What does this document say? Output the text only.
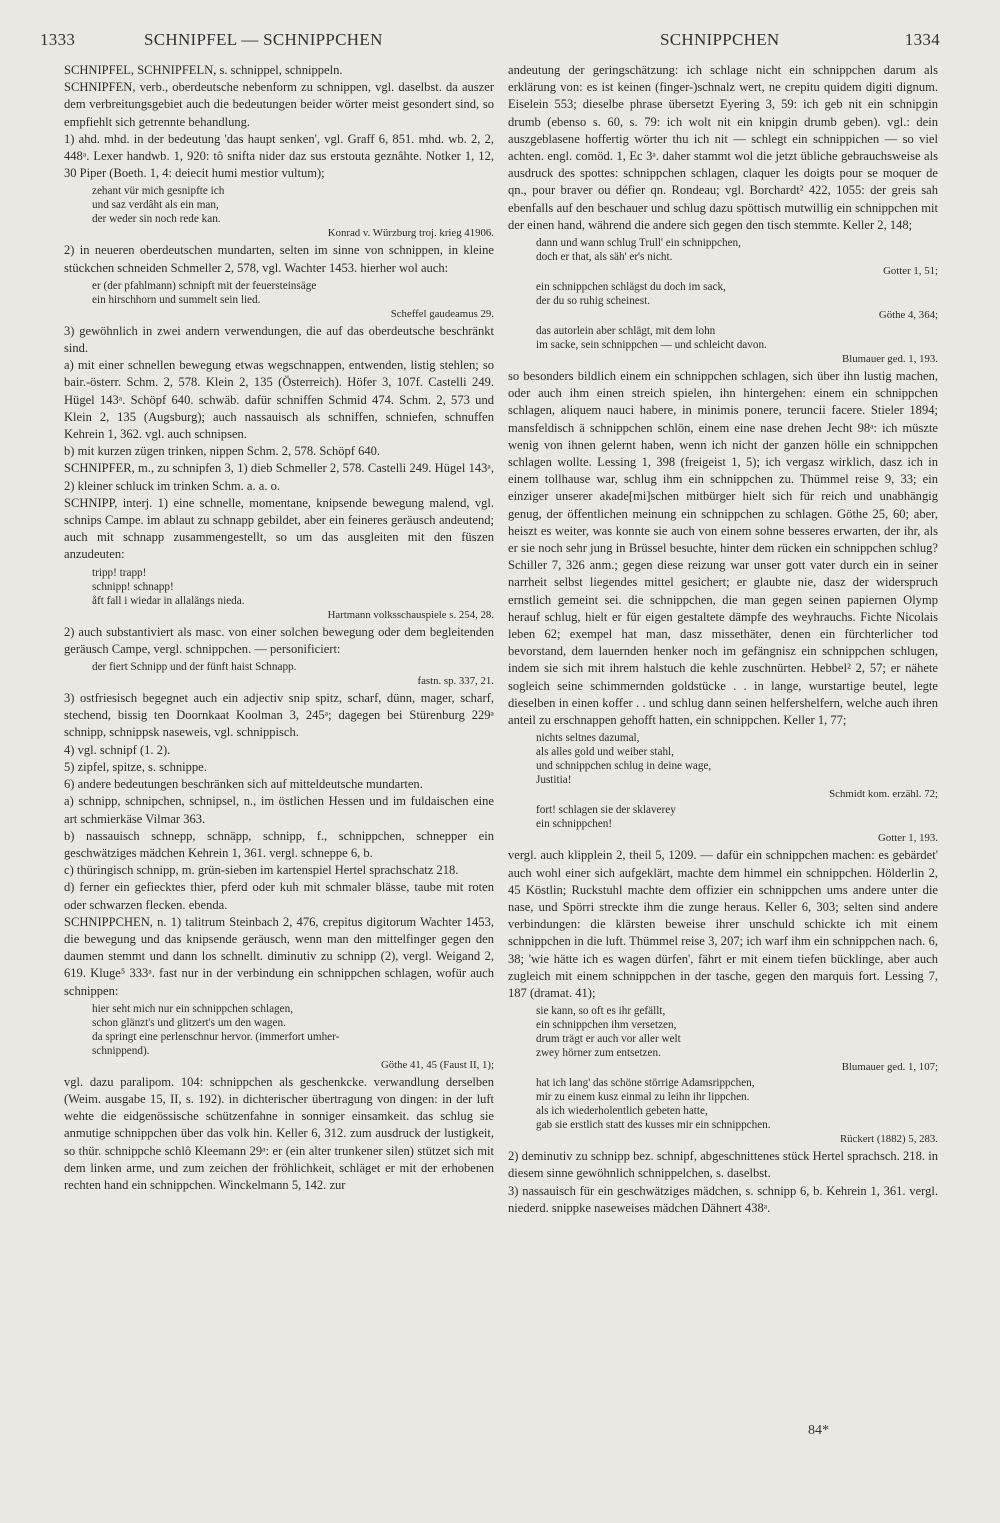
1333	SCHNIPFEL — SCHNIPPCHEN	SCHNIPPCHEN	1334

SCHNIPFEL, SCHNIPFELN, s. schnippel, schnippeln.

SCHNIPFEN, verb., oberdeutsche nebenform zu schnippen, vgl. daselbst. da auszer dem verbreitungsgebiet auch die bedeutungen beider wörter meist gesondert sind, so empfiehlt sich getrennte behandlung.

1) ahd. mhd. in der bedeutung 'das haupt senken', vgl. Graff 6, 851. mhd. wb. 2, 2, 448ᵃ. Lexer handwb. 1, 920: tô snifta nider daz sus erstouta geznâhte. Notker 1, 12, 30 Piper (Boeth. 1, 4: deiecit humi mestior vultum);

zehant vür mich gesnipfte ich
und saz verdâht als ein man,
der weder sin noch rede kan.
Konrad v. Würzburg troj. krieg 41906.

2) in neueren oberdeutschen mundarten, selten im sinne von schnippen, in kleine stückchen schneiden Schmeller 2, 578, vgl. Wachter 1453. hierher wol auch:

er (der pfahlmann) schnipft mit der feuersteinsäge
ein hirschhorn und summelt sein lied.
Scheffel gaudeamus 29.

3) gewöhnlich in zwei andern verwendungen, die auf das oberdeutsche beschränkt sind.

a) mit einer schnellen bewegung etwas wegschnappen, entwenden, listig stehlen; so bair.-österr. Schm. 2, 578. Klein 2, 135 (Österreich). Höfer 3, 107f. Castelli 249. Hügel 143ᵃ. Schöpf 640. schwäb. dafür schniffen Schmid 474. Schm. 2, 573 und Klein 2, 135 (Augsburg); auch nassauisch als schniffen, schniefen, schnuffen Kehrein 1, 362. vgl. auch schnipsen.

b) mit kurzen zügen trinken, nippen Schm. 2, 578. Schöpf 640.

SCHNIPFER, m., zu schnipfen 3, 1) dieb Schmeller 2, 578. Castelli 249. Hügel 143ᵃ, 2) kleiner schluck im trinken Schm. a. a. o.

SCHNIPP, interj. 1) eine schnelle, momentane, knipsende bewegung malend, vgl. schnips Campe. im ablaut zu schnapp gebildet, aber ein feineres geräusch andeutend; auch mit schnapp zusammengestellt, so um das ausgleiten mit den füszen anzudeuten:

tripp! trapp!
schnipp! schnapp!
åft fall i wiedar in allalängs nieda.
Hartmann volksschauspiele s. 254, 28.

2) auch substantiviert als masc. von einer solchen bewegung oder dem begleitenden geräusch Campe, vergl. schnippchen. — personificiert:

der fiert Schnipp und der fünft haist Schnapp.
fastn. sp. 337, 21.

3) ostfriesisch begegnet auch ein adjectiv snip spitz, scharf, dünn, mager, scharf, stechend, bissig ten Doornkaat Koolman 3, 245ᵃ; dagegen bei Stürenburg 229ᵃ schnipp, schnippsk naseweis, vgl. schnippisch.

4) vgl. schnipf (1. 2).

5) zipfel, spitze, s. schnippe.

6) andere bedeutungen beschränken sich auf mitteldeutsche mundarten.

a) schnipp, schnipchen, schnipsel, n., im östlichen Hessen und im fuldaischen eine art schmierkäse Vilmar 363.

b) nassauisch schnepp, schnäpp, schnipp, f., schnippchen, schnepper ein geschwätziges mädchen Kehrein 1, 361. vergl. schneppe 6, b.

c) thüringisch schnipp, m. grün-sieben im kartenspiel Hertel sprachschatz 218.

d) ferner ein gefiecktes thier, pferd oder kuh mit schmaler blässe, taube mit roten oder schwarzen flecken. ebenda.

SCHNIPPCHEN, n. 1) talitrum Steinbach 2, 476, crepitus digitorum Wachter 1453, die bewegung und das knipsende geräusch, wenn man den mittelfinger gegen den daumen stemmt und dann los schnellt. diminutiv zu schnipp (2), vergl. Weigand 2, 619. Kluge⁵ 333ᵃ. fast nur in der verbindung ein schnippchen schlagen, wofür auch schnippen:

hier seht mich nur ein schnippchen schlagen,
schon glänzt's und glitzert's um den wagen.
da springt eine perlenschnur hervor. (immerfort umher-
schnippend).
Göthe 41, 45 (Faust II, 1);

vgl. dazu paralipom. 104: schnippchen als geschenkcke. verwandlung derselben (Weim. ausgabe 15, II, s. 192). in dichterischer übertragung von dingen: in der luft wehte die eidgenössische schützenfahne in sonniger einsamkeit. das schlug sie anmutige schnippchen über das volk hin. Keller 6, 312. zum ausdruck der lustigkeit, so thür. schnippche schlô Kleemann 29ᵃ: er (ein alter trunkener silen) stützet sich mit dem linken arme, und zum zeichen der fröhlichkeit, schläget er mit der erhobenen rechten hand ein schnippchen. Winckelmann 5, 142. zur

andeutung der geringschätzung: ich schlage nicht ein schnippchen darum als erklärung von: es ist keinen (finger-)schnalz wert, ne crepitu quidem digiti dignum. Eiselein 553; dieselbe phrase übersetzt Eyering 3, 59: ich geb nit ein schnipgin drumb (ebenso s. 60, s. 79: ich wolt nit ein knipgin drumb geben). vgl.: dein auszgeblasene hoffertig wörter thu ich nit — schlegt ein schnippichen — so viel achten. engl. comöd. 1, Ec 3ᵃ. daher stammt wol die jetzt übliche gebrauchsweise als ausdruck des spottes: schnippchen schlagen, claquer les doigts pour se moquer de qn., pour braver ou défier qn. Rondeau; vgl. Borchardt² 422, 1055: der greis sah ebenfalls auf den beschauer und schlug dazu spöttisch mutwillig ein schnippchen mit der einen hand, während die andere sich gegen den tisch stemmte. Keller 2, 148;

dann und wann schlug Trull' ein schnippchen,
doch er that, als säh' er's nicht.
Gotter 1, 51;
ein schnippchen schlägst du doch im sack,
der du so ruhig scheinest.
Göthe 4, 364;
das autorlein aber schlägt, mit dem lohn
im sacke, sein schnippchen — und schleicht davon.
Blumauer ged. 1, 193.

so besonders bildlich einem ein schnippchen schlagen, sich über ihn lustig machen, oder auch ihm einen streich spielen, ihn hintergehen: einem ein schnippchen schlagen, aliquem nauci habere, in minimis ponere, teruncii facere. Stieler 1894; mansfeldisch ä schnippchen schlön, einem eine nase drehen Jecht 98ᵃ: ich müszte wenig von ihnen gelernt haben, wenn ich nicht der ganzen hölle ein schnippchen schlagen wollte. Lessing 1, 398 (freigeist 1, 5); ich vergasz wirklich, dasz ich in einem tollhause war, schlug ihm ein schnippchen zu. Thümmel reise 9, 33; ein einziger unserer akade[mi]schen mitbürger hielt sich für reich und unabhängig genug, der öffentlichen meinung ein schnippchen zu schlagen. Göthe 25, 60; aber, heiszt es weiter, was konnte sie auch von einem sohne besseres erwarten, der ihr, als er sie noch sehr jung in Brüssel besuchte, hinter dem rücken ein schnippchen schlug? Schiller 7, 326 anm.; gegen diese reizung war unser gott vater durch ein in seiner narrheit selbst liegendes mittel gesichert; er glaubte nie, dasz der widerspruch ernstlich gemeint sei. die schnippchen, die man gegen seinen papiernen Olymp herauf schlug, hielt er für eigen gestaltete dämpfe des weyhrauchs. Fichte Nicolais leben 62; exempel hat man, dasz missethäter, denen ein fürchterlicher tod bevorstand, dem lauernden henker noch im gefängnisz ein schnippchen schlugen, indem sie sich mit ihrem halstuch die kehle zuschnürten. Hebbel² 2, 57; er nähete sogleich seine schimmernden goldstücke . . in lange, wurstartige beutel, legte dieselben in einen koffer . . und schlug dann seinen helfershelfern, welche auch ihren anteil zu erschnappen gehofft hatten, ein schnippchen. Keller 1, 77;

nichts seltnes dazumal,
als alles gold und weiber stahl,
und schnippchen schlug in deine wage,
Justitia!
Schmidt kom. erzähl. 72;
fort! schlagen sie der sklaverey
ein schnippchen!
Gotter 1, 193.

vergl. auch klipplein 2, theil 5, 1209. — dafür ein schnippchen machen: es gebärdet' auch wohl einer sich aufgeklärt, machte dem himmel ein schnippchen. Hölderlin 2, 45 Köstlin; Ruckstuhl machte dem offizier ein schnippchen ums andere unter die nase, und Spörri streckte ihm die zunge heraus. Keller 6, 303; selten sind andere verbindungen: die klärsten beweise ihrer unschuld schickte ich mit einem schnippchen in die luft. Thümmel reise 3, 207; ich warf ihm ein schnippchen nach. 6, 38; 'wie hätte ich es wagen dürfen', fährt er mit einem tiefen bücklinge, aber auch zugleich mit einem schnippchen in der tasche, gegen den marquis fort. Lessing 7, 187 (dramat. 41);

sie kann, so oft es ihr gefällt,
ein schnippchen ihm versetzen,
drum trägt er auch vor aller welt
zwey hörner zum entsetzen.
Blumauer ged. 1, 107;
hat ich lang' das schöne störrige Adamsrippchen,
mir zu einem kusz einmal zu leihn ihr lippchen.
als ich wiederholentlich gebeten hatte,
gab sie erstlich statt des kusses mir ein schnippchen.
Rückert (1882) 5, 283.

2) deminutiv zu schnipp bez. schnipf, abgeschnittenes stück Hertel sprachsch. 218. in diesem sinne gewöhnlich schnippelchen, s. daselbst.

3) nassauisch für ein geschwätziges mädchen, s. schnipp 6, b. Kehrein 1, 361. vergl. niederd. snippke naseweises mädchen Dähnert 438ᵃ.

84*
